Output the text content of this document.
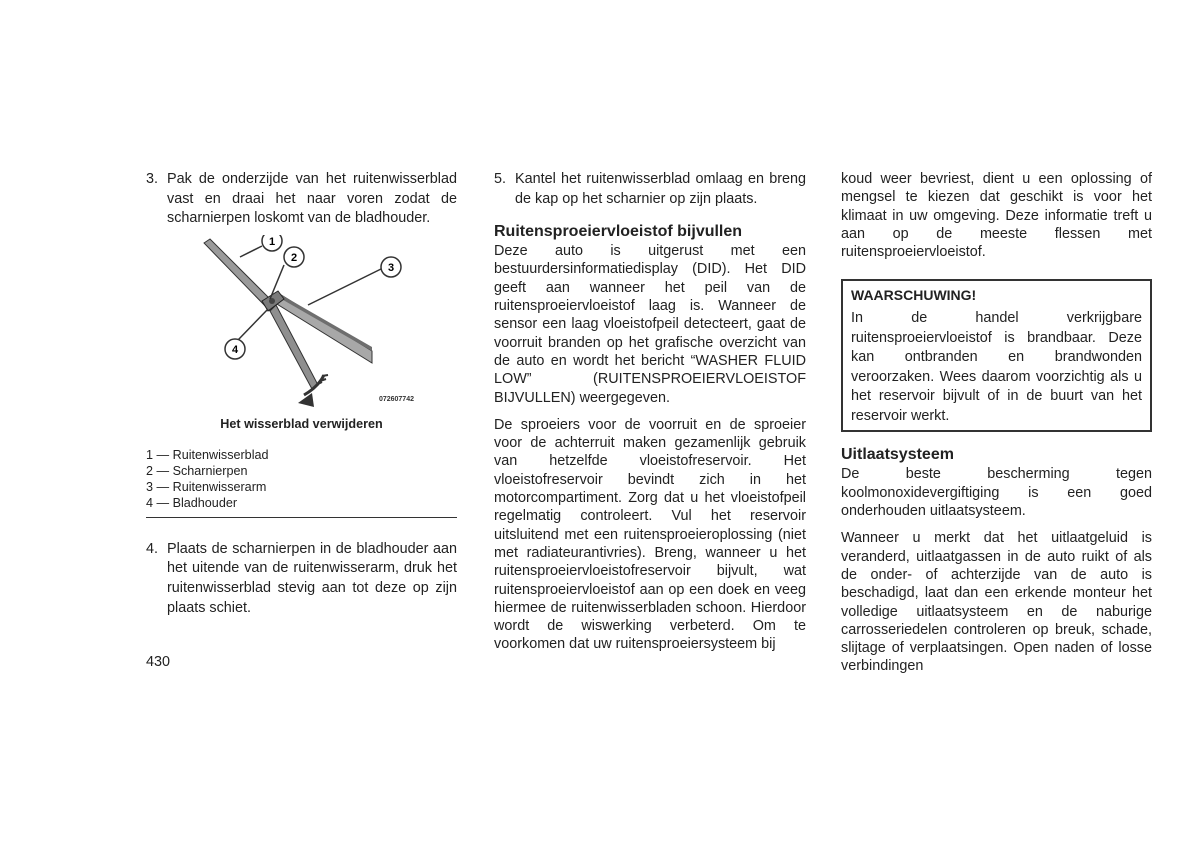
3. Pak de onderzijde van het ruitenwisserblad vast en draai het naar voren zodat de scharnierpen loskomt van de bladhouder.
1
2
3
4
072607742
Het wisserblad verwijderen
1 — Ruitenwisserblad
2 — Scharnierpen
3 — Ruitenwisserarm
4 — Bladhouder
4. Plaats de scharnierpen in de bladhouder aan het uitende van de ruitenwisserarm, druk het ruitenwisserblad stevig aan tot deze op zijn plaats schiet.
5. Kantel het ruitenwisserblad omlaag en breng de kap op het scharnier op zijn plaats.
Ruitensproeiervloeistof bijvullen

Deze auto is uitgerust met een bestuurdersinformatiedisplay (DID). Het DID geeft aan wanneer het peil van de ruitensproeiervloeistof laag is. Wanneer de sensor een laag vloeistofpeil detecteert, gaat de voorruit branden op het grafische overzicht van de auto en wordt het bericht “WASHER FLUID LOW” (RUITENSPROEIERVLOEISTOF BIJVULLEN) weergegeven.

De sproeiers voor de voorruit en de sproeier voor de achterruit maken gezamenlijk gebruik van hetzelfde vloeistofreservoir. Het vloeistofreservoir bevindt zich in het motorcompartiment. Zorg dat u het vloeistofpeil regelmatig controleert. Vul het reservoir uitsluitend met een ruitensproeieroplossing (niet met radiateurantivries). Breng, wanneer u het ruitensproeiervloeistofreservoir bijvult, wat ruitensproeiervloeistof aan op een doek en veeg hiermee de ruitenwisserbladen schoon. Hierdoor wordt de wiswerking verbeterd. Om te voorkomen dat uw ruitensproeiersysteem bij

koud weer bevriest, dient u een oplossing of mengsel te kiezen dat geschikt is voor het klimaat in uw omgeving. Deze informatie treft u aan op de meeste flessen met ruitensproeiervloeistof.

WAARSCHUWING!

In de handel verkrijgbare ruitensproeiervloeistof is brandbaar. Deze kan ontbranden en brandwonden veroorzaken. Wees daarom voorzichtig als u het reservoir bijvult of in de buurt van het reservoir werkt.

Uitlaatsysteem

De beste bescherming tegen koolmonoxidevergiftiging is een goed onderhouden uitlaatsysteem.

Wanneer u merkt dat het uitlaatgeluid is veranderd, uitlaatgassen in de auto ruikt of als de onder- of achterzijde van de auto is beschadigd, laat dan een erkende monteur het volledige uitlaatsysteem en de naburige carrosseriedelen controleren op breuk, schade, slijtage of verplaatsingen. Open naden of losse verbindingen

430
